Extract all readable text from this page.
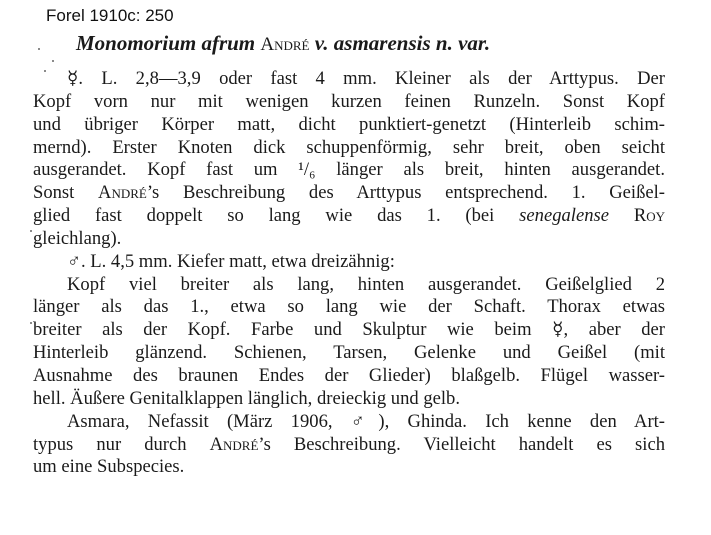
Forel 1910c: 250
Monomorium afrum André v. asmarensis n. var.
☿. L. 2,8—3,9 oder fast 4 mm. Kleiner als der Arttypus. Der
Kopf vorn nur mit wenigen kurzen feinen Runzeln. Sonst Kopf
und übriger Körper matt, dicht punktiert-genetzt (Hinterleib schim-
mernd). Erster Knoten dick schuppenförmig, sehr breit, oben seicht
ausgerandet. Kopf fast um ¹/₆ länger als breit, hinten ausgerandet.
Sonst André’s Beschreibung des Arttypus entsprechend. 1. Geißel-
glied fast doppelt so lang wie das 1. (bei senegalense Roy
gleichlang).
♂. L. 4,5 mm. Kiefer matt, etwa dreizähnig:
Kopf viel breiter als lang, hinten ausgerandet. Geißelglied 2
länger als das 1., etwa so lang wie der Schaft. Thorax etwas
breiter als der Kopf. Farbe und Skulptur wie beim ☿, aber der
Hinterleib glänzend. Schienen, Tarsen, Gelenke und Geißel (mit
Ausnahme des braunen Endes der Glieder) blaßgelb. Flügel wasser-
hell. Äußere Genitalklappen länglich, dreieckig und gelb.
Asmara, Nefassit (März 1906, ♂), Ghinda. Ich kenne den Art-
typus nur durch André’s Beschreibung. Vielleicht handelt es sich
um eine Subspecies.
